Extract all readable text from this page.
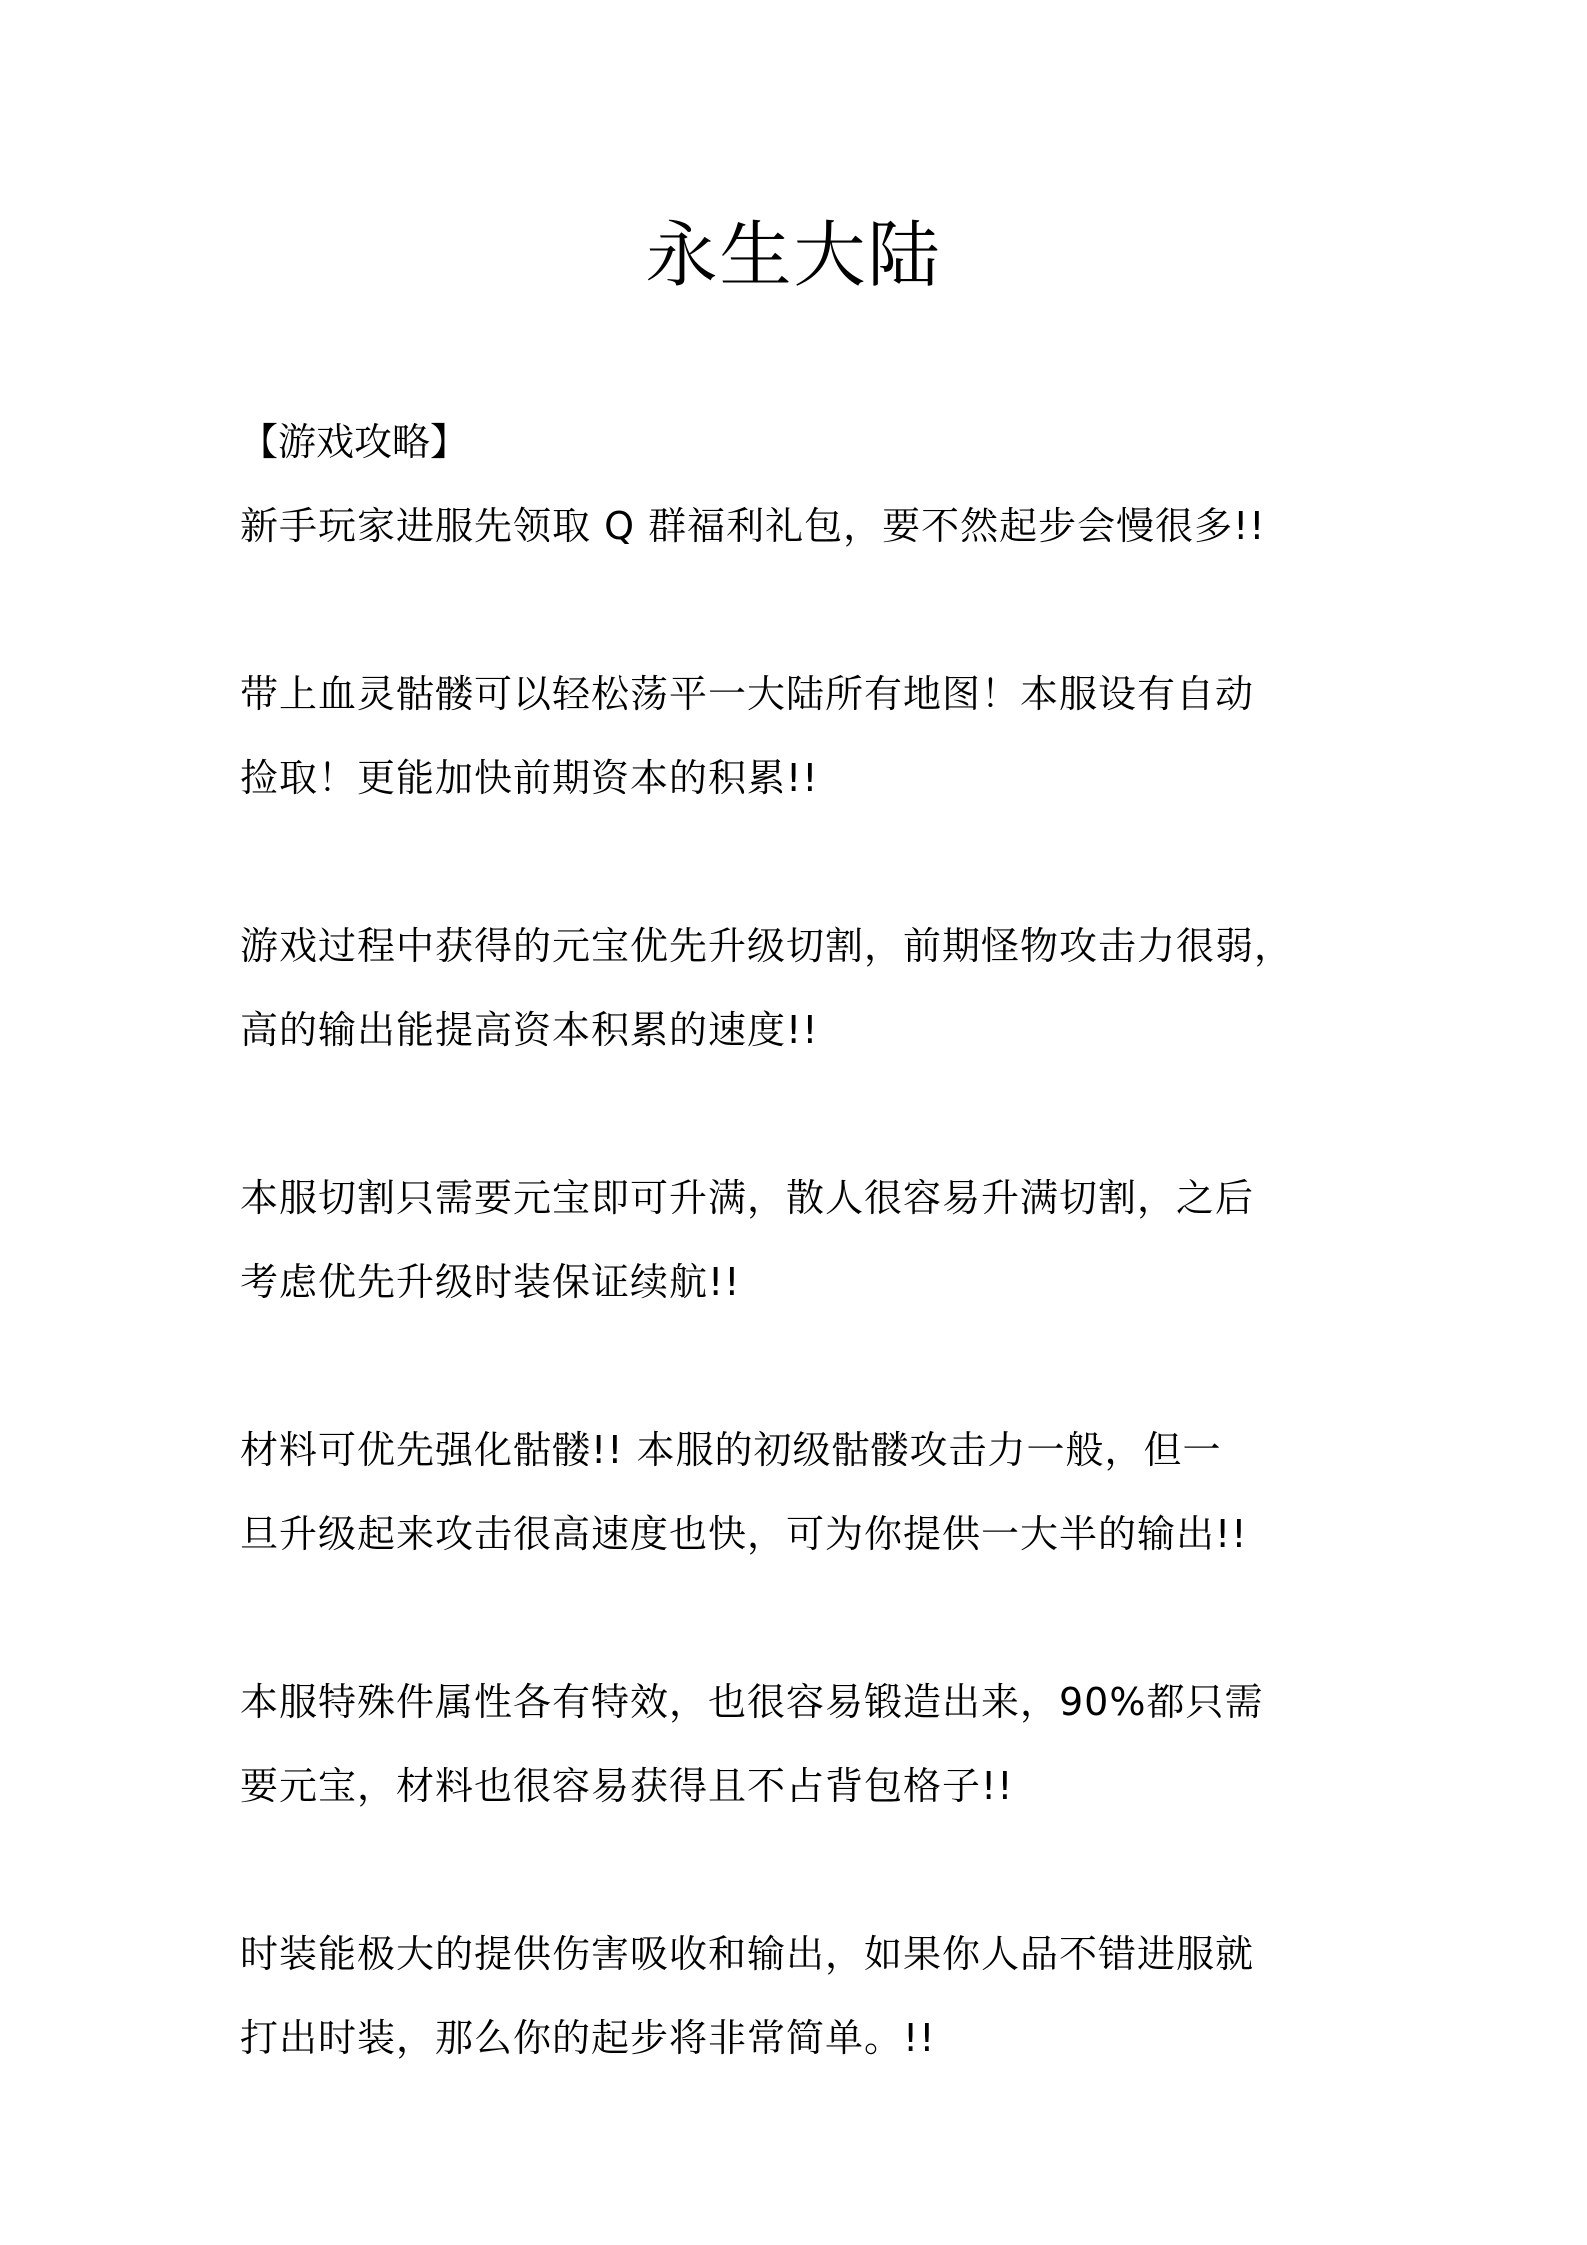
永生大陆

【游戏攻略】

新手玩家进服先领取 Q 群福利礼包，要不然起步会慢很多!!
带上血灵骷髅可以轻松荡平一大陆所有地图！本服设有自动
捡取！更能加快前期资本的积累!!
游戏过程中获得的元宝优先升级切割，前期怪物攻击力很弱，
高的输出能提高资本积累的速度!!
本服切割只需要元宝即可升满，散人很容易升满切割，之后
考虑优先升级时装保证续航!!
材料可优先强化骷髅!! 本服的初级骷髅攻击力一般，但一
旦升级起来攻击很高速度也快，可为你提供一大半的输出!!
本服特殊件属性各有特效，也很容易锻造出来，90%都只需
要元宝，材料也很容易获得且不占背包格子!!
时装能极大的提供伤害吸收和输出，如果你人品不错进服就
打出时装，那么你的起步将非常简单。!!
